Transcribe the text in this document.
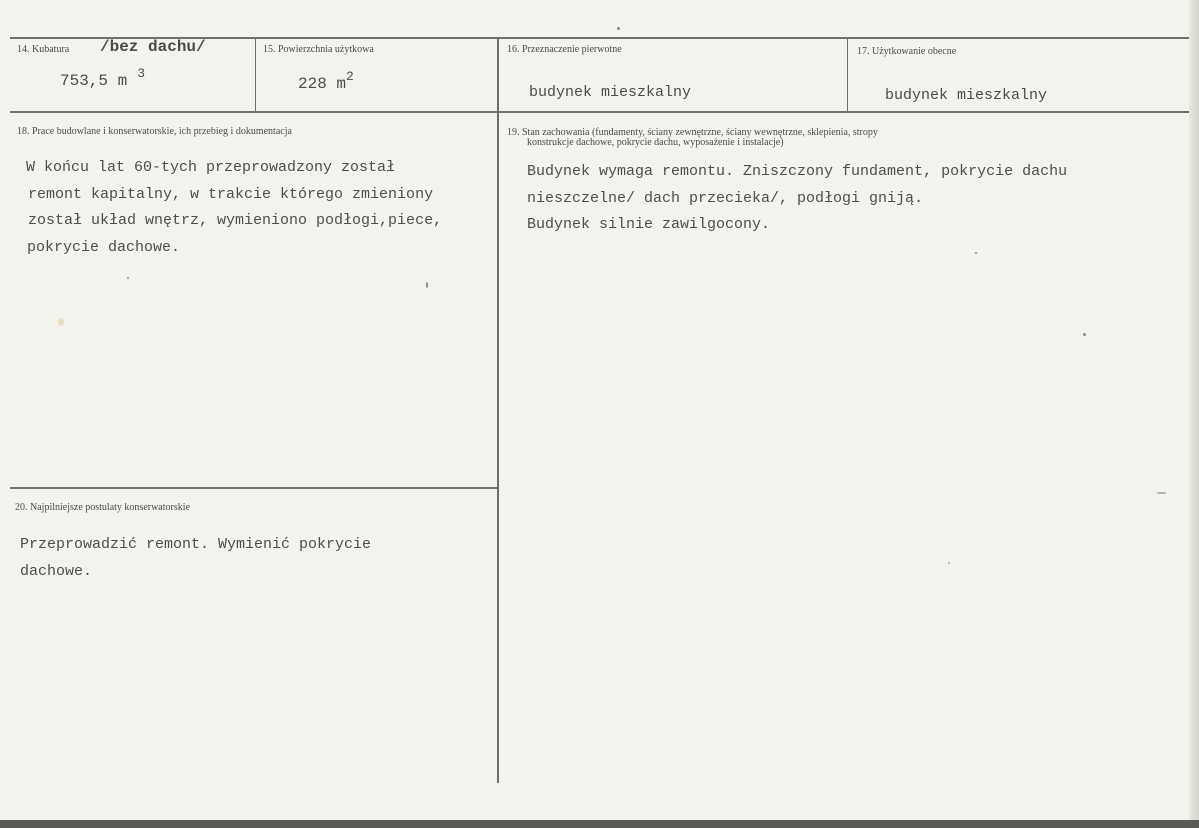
14. Kubatura /bez dachu/
753,5 m $^3$
15. Powierzchnia użytkowa
228 $m^2$
16. Przeznaczenie pierwotne
budynek mieszkalny
17. Użytkowanie obecne
budynek mieszkalny
18. Prace budowlane i konserwatorskie, ich przebieg i dokumentacja
W końcu lat 60-tych przeprowadzony został
remont kapitalny, w trakcie którego zmieniony
został układ wnętrz, wymieniono podłogi,piece,
pokrycie dachowe.
19. Stan zachowania (fundamenty, ściany zewnętrzne, ściany wewnętrzne, sklepienia, stropy
konstrukcje dachowe, pokrycie dachu, wyposażenie i instalacje)
Budynek wymaga remontu. Zniszczony fundament, pokrycie dachu
nieszczelne/ dach przecieka/, podłogi gniją.
Budynek silnie zawilgocony.
20. Najpilniejsze postulaty konserwatorskie
Przeprowadzić remont. Wymienić pokrycie
dachowe.
